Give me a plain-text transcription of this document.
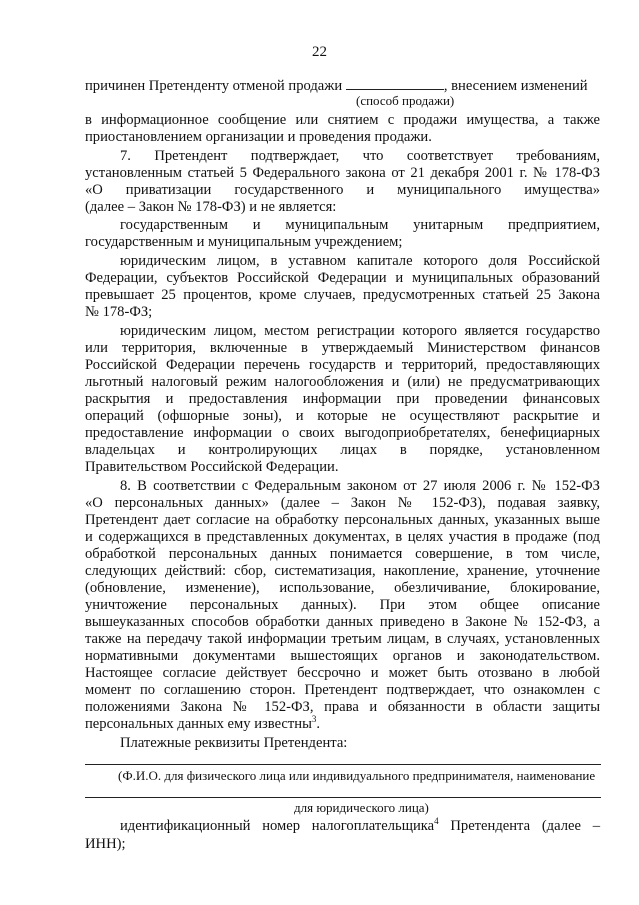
22
причинен Претенденту отменой продажи	, внесением изменений
(способ продажи)
в информационное сообщение или снятием с продажи имущества, а также
приостановлением организации и проведения продажи.
7. Претендент подтверждает, что соответствует требованиям,
установленным статьей 5 Федерального закона от 21 декабря 2001 г. № 178-ФЗ
«О приватизации государственного и муниципального имущества»
(далее – Закон № 178-ФЗ) и не является:
государственным и муниципальным унитарным предприятием,
государственным и муниципальным учреждением;
юридическим лицом, в уставном капитале которого доля Российской
Федерации, субъектов Российской Федерации и муниципальных образований
превышает 25 процентов, кроме случаев, предусмотренных статьей 25 Закона
№ 178-ФЗ;
юридическим лицом, местом регистрации которого является государство
или территория, включенные в утверждаемый Министерством финансов
Российской Федерации перечень государств и территорий, предоставляющих
льготный налоговый режим налогообложения и (или) не предусматривающих
раскрытия и предоставления информации при проведении финансовых
операций (офшорные зоны), и которые не осуществляют раскрытие и
предоставление информации о своих выгодоприобретателях, бенефициарных
владельцах и контролирующих лицах в порядке, установленном
Правительством Российской Федерации.
8. В соответствии с Федеральным законом от 27 июля 2006 г. № 152-ФЗ
«О персональных данных» (далее – Закон № 152-ФЗ), подавая заявку,
Претендент дает согласие на обработку персональных данных, указанных выше
и содержащихся в представленных документах, в целях участия в продаже (под
обработкой персональных данных понимается совершение, в том числе,
следующих действий: сбор, систематизация, накопление, хранение, уточнение
(обновление, изменение), использование, обезличивание, блокирование,
уничтожение персональных данных). При этом общее описание
вышеуказанных способов обработки данных приведено в Законе № 152-ФЗ, а
также на передачу такой информации третьим лицам, в случаях, установленных
нормативными документами вышестоящих органов и законодательством.
Настоящее согласие действует бессрочно и может быть отозвано в любой
момент по соглашению сторон. Претендент подтверждает, что ознакомлен с
положениями Закона № 152-ФЗ, права и обязанности в области защиты
персональных данных ему известны$^3$.
Платежные реквизиты Претендента:
(Ф.И.О. для физического лица или индивидуального предпринимателя, наименование
для юридического лица)
идентификационный номер налогоплательщика$^4$ Претендента (далее –
ИНН);
